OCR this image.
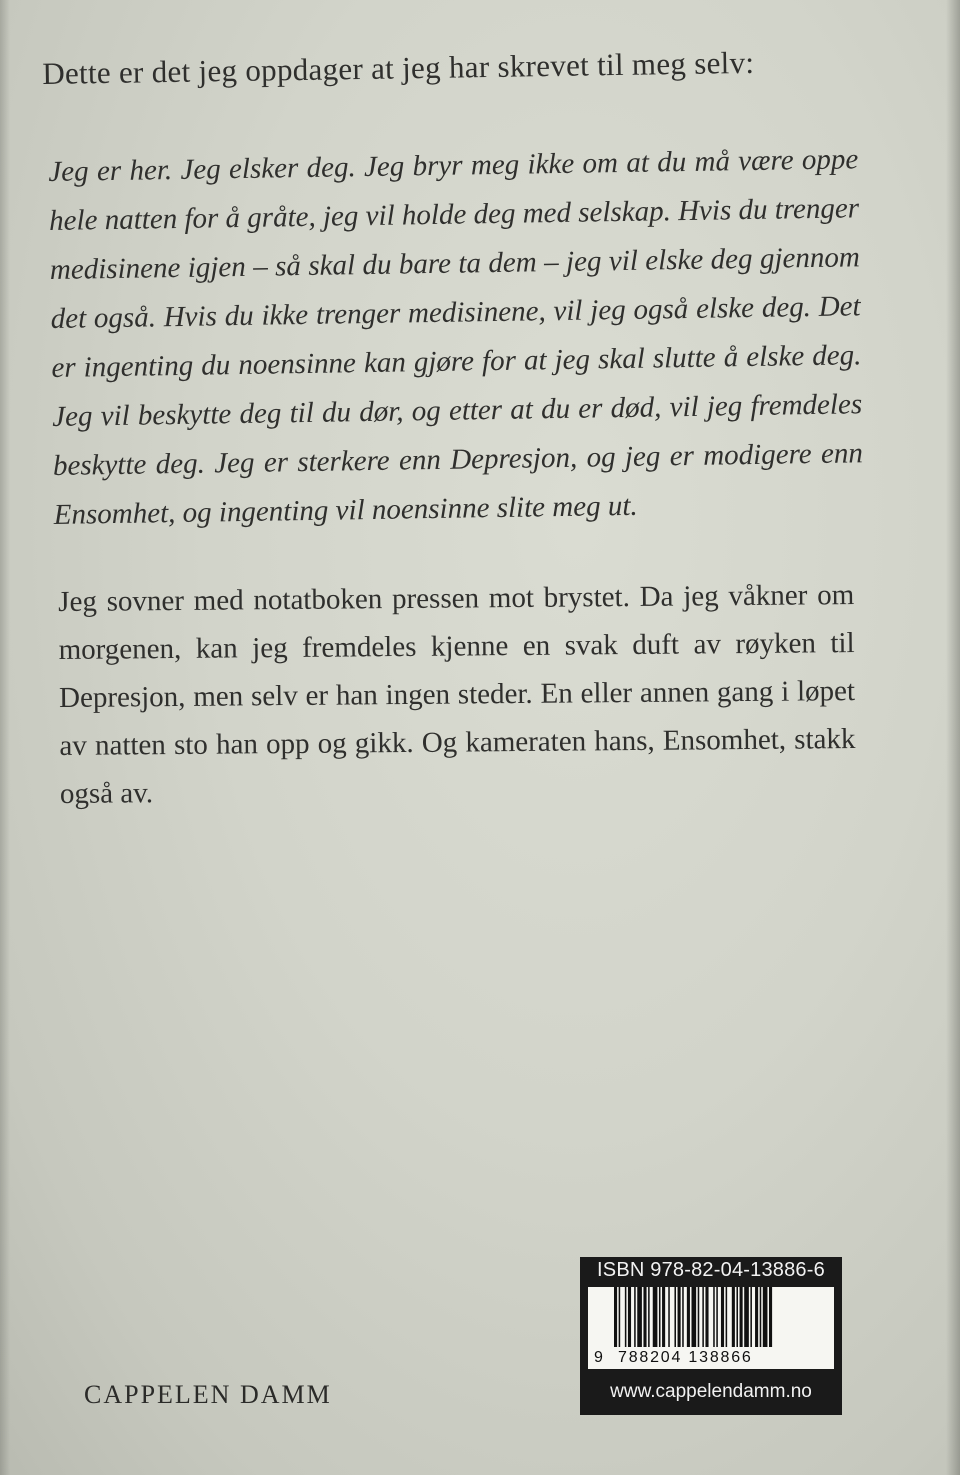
Dette er det jeg oppdager at jeg har skrevet til meg selv:
Jeg er her. Jeg elsker deg. Jeg bryr meg ikke om at du må være oppe hele natten for å gråte, jeg vil holde deg med selskap. Hvis du trenger medisinene igjen – så skal du bare ta dem – jeg vil elske deg gjennom det også. Hvis du ikke trenger medisinene, vil jeg også elske deg. Det er ingenting du noensinne kan gjøre for at jeg skal slutte å elske deg. Jeg vil beskytte deg til du dør, og etter at du er død, vil jeg fremdeles beskytte deg. Jeg er sterkere enn Depresjon, og jeg er modigere enn Ensomhet, og ingenting vil noensinne slite meg ut.
Jeg sovner med notatboken pressen mot brystet. Da jeg våkner om morgenen, kan jeg fremdeles kjenne en svak duft av røyken til Depresjon, men selv er han ingen steder. En eller annen gang i løpet av natten sto han opp og gikk. Og kameraten hans, Ensomhet, stakk også av.
CAPPELEN DAMM
ISBN 978-82-04-13886-6
9 788204 138866
www.cappelendamm.no
